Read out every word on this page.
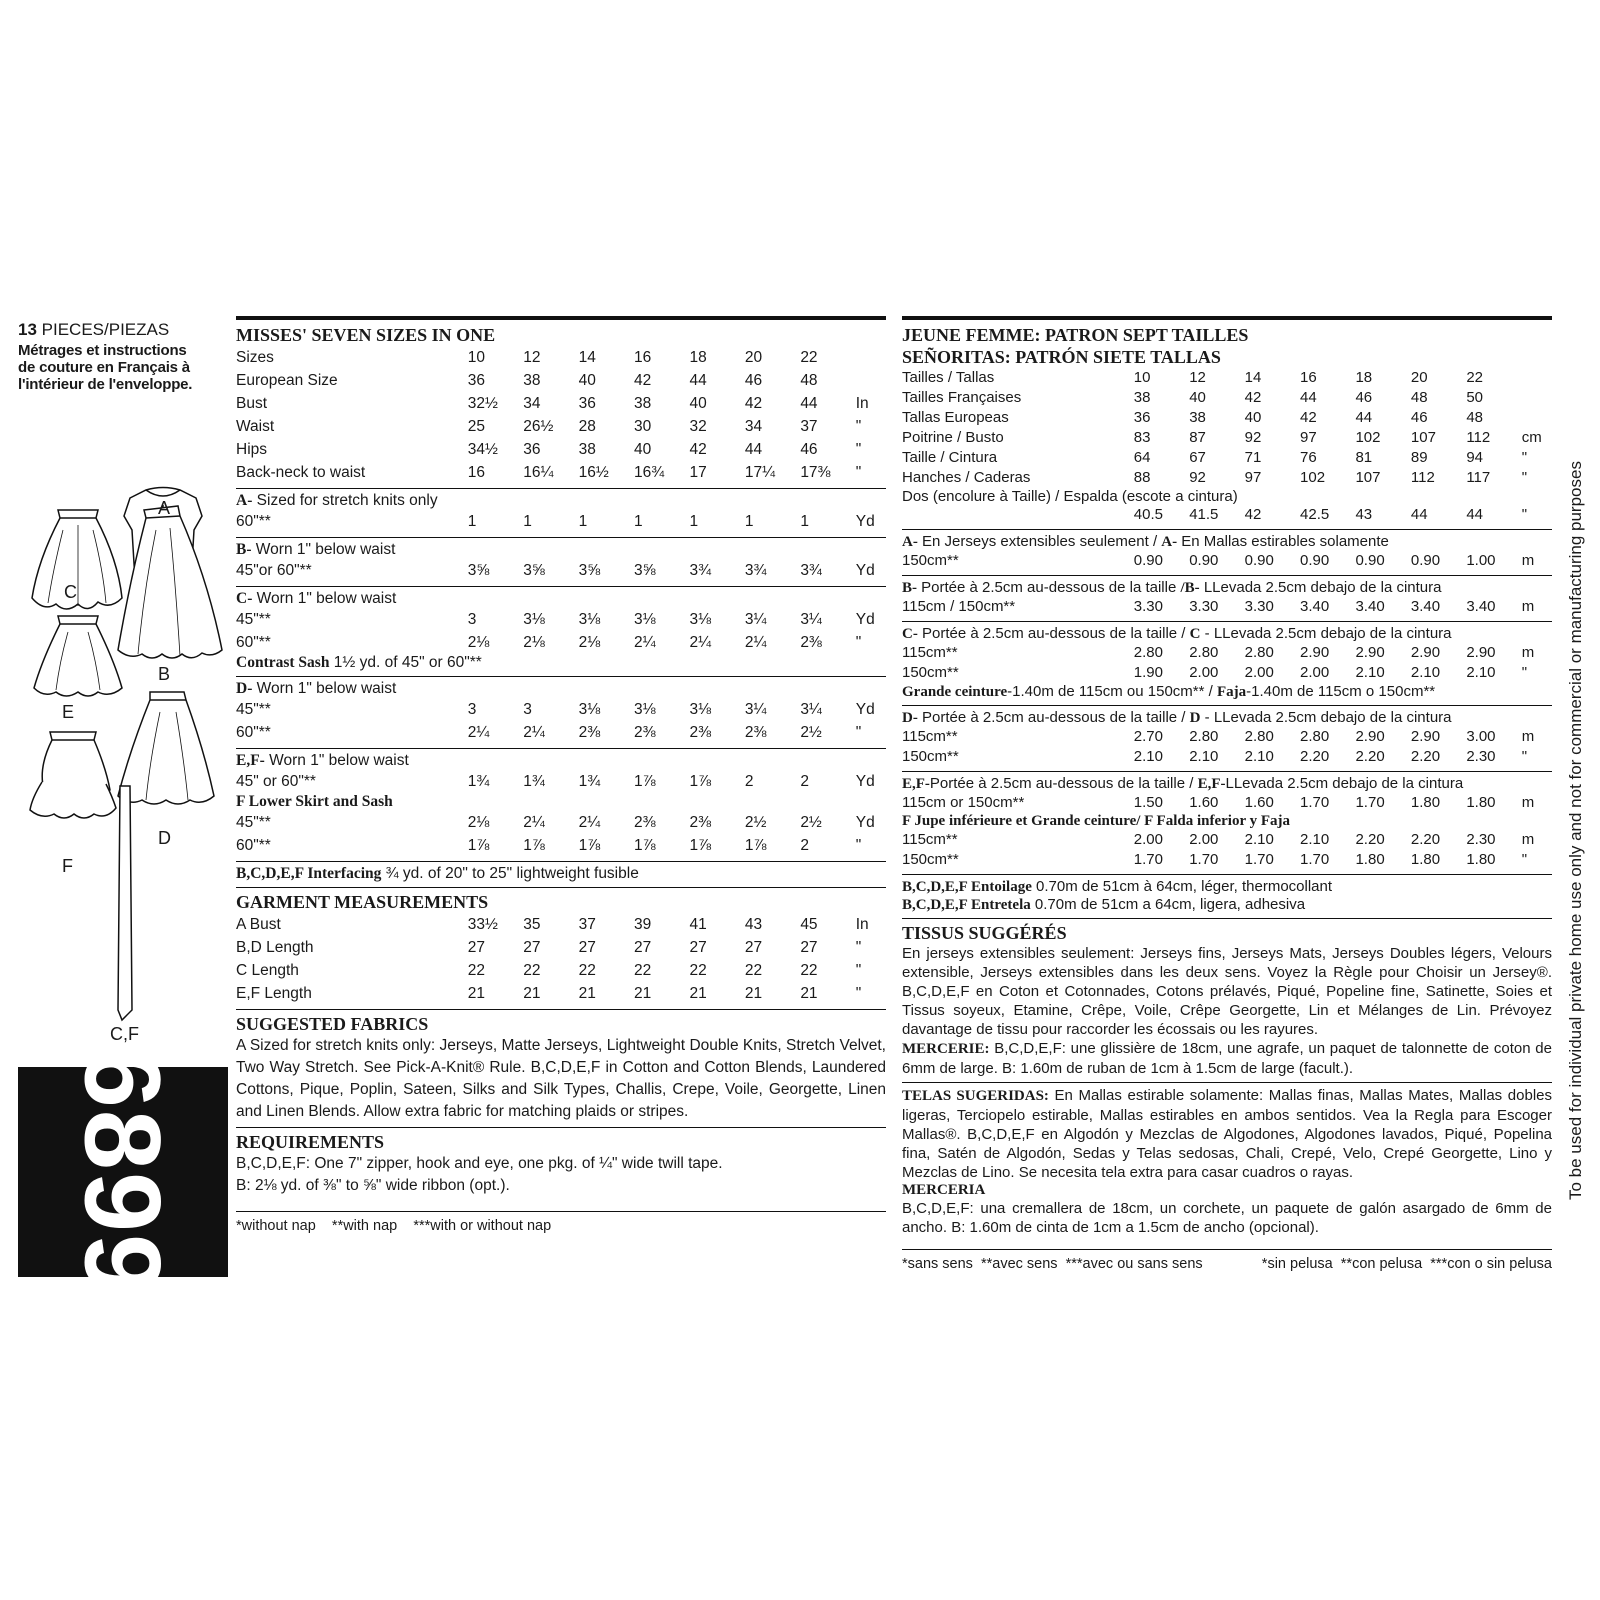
13 PIECES/PIEZAS
Métrages et instructions
de couture en Français à
l'intérieur de l'enveloppe.
A
C
B
E
D
F
C,F
6899
MISSES' SEVEN SIZES IN ONE
Sizes	10	12	14	16	18	20	22	
European Size	36	38	40	42	44	46	48	
Bust	32½	34	36	38	40	42	44	In
Waist	25	26½	28	30	32	34	37	"
Hips	34½	36	38	40	42	44	46	"
Back-neck to waist	16	16¼	16½	16¾	17	17¼	17⅜	"
A- Sized for stretch knits only
60"**	1	1	1	1	1	1	1	Yd
B- Worn 1" below waist
45"or 60"**	3⅝	3⅝	3⅝	3⅝	3¾	3¾	3¾	Yd
C- Worn 1" below waist
45"**	3	3⅛	3⅛	3⅛	3⅛	3¼	3¼	Yd
60"**	2⅛	2⅛	2⅛	2¼	2¼	2¼	2⅜	"
Contrast Sash 1½ yd. of 45" or 60"**
D- Worn 1" below waist
45"**	3	3	3⅛	3⅛	3⅛	3¼	3¼	Yd
60"**	2¼	2¼	2⅜	2⅜	2⅜	2⅜	2½	"
E,F- Worn 1" below waist
45" or 60"**	1¾	1¾	1¾	1⅞	1⅞	2	2	Yd
F Lower Skirt and Sash
45"**	2⅛	2¼	2¼	2⅜	2⅜	2½	2½	Yd
60"**	1⅞	1⅞	1⅞	1⅞	1⅞	1⅞	2	"
B,C,D,E,F Interfacing ¾ yd. of 20" to 25" lightweight fusible
GARMENT MEASUREMENTS
A Bust	33½	35	37	39	41	43	45	In
B,D Length	27	27	27	27	27	27	27	"
C Length	22	22	22	22	22	22	22	"
E,F Length	21	21	21	21	21	21	21	"
SUGGESTED FABRICS
A Sized for stretch knits only: Jerseys, Matte Jerseys, Lightweight Double Knits, Stretch Velvet, Two Way Stretch. See Pick-A-Knit® Rule. B,C,D,E,F in Cotton and Cotton Blends, Laundered Cottons, Pique, Poplin, Sateen, Silks and Silk Types, Challis, Crepe, Voile, Georgette, Linen and Linen Blends. Allow extra fabric for matching plaids or stripes.
REQUIREMENTS
B,C,D,E,F: One 7" zipper, hook and eye, one pkg. of ¼" wide twill tape.
B: 2⅛ yd. of ⅜" to ⅝" wide ribbon (opt.).
*without nap    **with nap    ***with or without nap
JEUNE FEMME: PATRON SEPT TAILLES
SEÑORITAS: PATRÓN SIETE TALLAS
Tailles / Tallas	10	12	14	16	18	20	22	
Tailles Françaises	38	40	42	44	46	48	50	
Tallas Europeas	36	38	40	42	44	46	48	
Poitrine / Busto	83	87	92	97	102	107	112	cm
Taille / Cintura	64	67	71	76	81	89	94	"
Hanches / Caderas	88	92	97	102	107	112	117	"
Dos (encolure à Taille) / Espalda (escote a cintura)
	40.5	41.5	42	42.5	43	44	44	"
A- En Jerseys extensibles seulement / A- En Mallas estirables solamente
150cm**	0.90	0.90	0.90	0.90	0.90	0.90	1.00	m
B- Portée à 2.5cm au-dessous de la taille /B- LLevada 2.5cm debajo de la cintura
115cm / 150cm**	3.30	3.30	3.30	3.40	3.40	3.40	3.40	m
C- Portée à 2.5cm au-dessous de la taille / C - LLevada 2.5cm debajo de la cintura
115cm**	2.80	2.80	2.80	2.90	2.90	2.90	2.90	m
150cm**	1.90	2.00	2.00	2.00	2.10	2.10	2.10	"
Grande ceinture-1.40m de 115cm ou 150cm** / Faja-1.40m de 115cm o 150cm**
D- Portée à 2.5cm au-dessous de la taille / D - LLevada 2.5cm debajo de la cintura
115cm**	2.70	2.80	2.80	2.80	2.90	2.90	3.00	m
150cm**	2.10	2.10	2.10	2.20	2.20	2.20	2.30	"
E,F-Portée à 2.5cm au-dessous de la taille / E,F-LLevada 2.5cm debajo de la cintura
115cm or 150cm**	1.50	1.60	1.60	1.70	1.70	1.80	1.80	m
F Jupe inférieure et Grande ceinture/ F Falda inferior y Faja
115cm**	2.00	2.00	2.10	2.10	2.20	2.20	2.30	m
150cm**	1.70	1.70	1.70	1.70	1.80	1.80	1.80	"
B,C,D,E,F Entoilage 0.70m de 51cm à 64cm, léger, thermocollant
B,C,D,E,F Entretela 0.70m de 51cm a 64cm, ligera, adhesiva
TISSUS SUGGÉRÉS
En jerseys extensibles seulement: Jerseys fins, Jerseys Mats, Jerseys Doubles légers, Velours extensible, Jerseys extensibles dans les deux sens. Voyez la Règle pour Choisir un Jersey®. B,C,D,E,F en Coton et Cotonnades, Cotons prélavés, Piqué, Popeline fine, Satinette, Soies et Tissus soyeux, Etamine, Crêpe, Voile, Crêpe Georgette, Lin et Mélanges de Lin. Prévoyez davantage de tissu pour raccorder les écossais ou les rayures.
MERCERIE: B,C,D,E,F: une glissière de 18cm, une agrafe, un paquet de talonnette de coton de 6mm de large. B: 1.60m de ruban de 1cm à 1.5cm de large (facult.).
TELAS SUGERIDAS: En Mallas estirable solamente: Mallas finas, Mallas Mates, Mallas dobles ligeras, Terciopelo estirable, Mallas estirables en ambos sentidos. Vea la Regla para Escoger Mallas®. B,C,D,E,F en Algodón y Mezclas de Algodones, Algodones lavados, Piqué, Popelina fina, Satén de Algodón, Sedas y Telas sedosas, Chali, Crepé, Velo, Crepé Georgette, Lino y Mezclas de Lino. Se necesita tela extra para casar cuadros o rayas.
MERCERIA
B,C,D,E,F: una cremallera de 18cm, un corchete, un paquete de galón asargado de 6mm de ancho. B: 1.60m de cinta de 1cm a 1.5cm de ancho (opcional).
*sans sens  **avec sens  ***avec ou sans sens	*sin pelusa  **con pelusa  ***con o sin pelusa
To be used for individual private home use only and not for commercial or manufacturing purposes
